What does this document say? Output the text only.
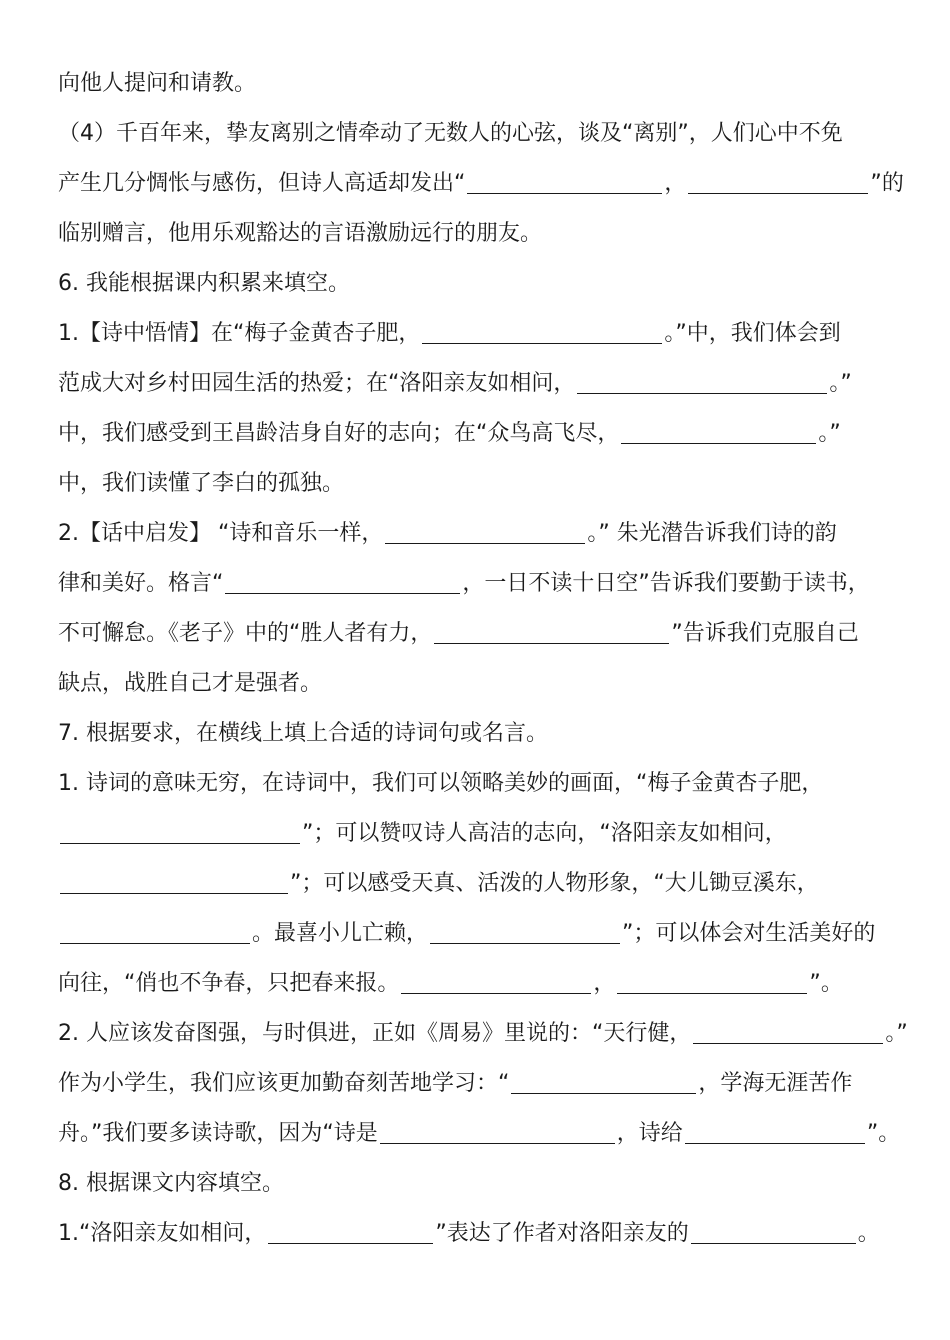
向他人提问和请教。
（4）千百年来，挚友离别之情牵动了无数人的心弦，谈及“离别”，人们心中不免
产生几分惆怅与感伤，但诗人高适却发出“	，	”的
临别赠言，他用乐观豁达的言语激励远行的朋友。
6. 我能根据课内积累来填空。
1.【诗中悟情】在“梅子金黄杏子肥，	。”中，我们体会到
范成大对乡村田园生活的热爱；在“洛阳亲友如相问，	。”
中，我们感受到王昌龄洁身自好的志向；在“众鸟高飞尽，	。”
中，我们读懂了李白的孤独。
2.【话中启发】 “诗和音乐一样，	。” 朱光潜告诉我们诗的韵
律和美好。格言“	，一日不读十日空”告诉我们要勤于读书，
不可懈怠。《老子》中的“胜人者有力，	”告诉我们克服自己
缺点，战胜自己才是强者。
7. 根据要求，在横线上填上合适的诗词句或名言。
1. 诗词的意味无穷，在诗词中，我们可以领略美妙的画面，“梅子金黄杏子肥，
”；可以赞叹诗人高洁的志向，“洛阳亲友如相问，
”；可以感受天真、活泼的人物形象，“大儿锄豆溪东，
。最喜小儿亡赖，	”；可以体会对生活美好的
向往，“俏也不争春，只把春来报。	，	”。
2. 人应该发奋图强，与时俱进，正如《周易》里说的：“天行健，	。”
作为小学生，我们应该更加勤奋刻苦地学习：“	，学海无涯苦作
舟。”我们要多读诗歌，因为“诗是	，诗给	”。
8. 根据课文内容填空。
1.“洛阳亲友如相问，	”表达了作者对洛阳亲友的	。
